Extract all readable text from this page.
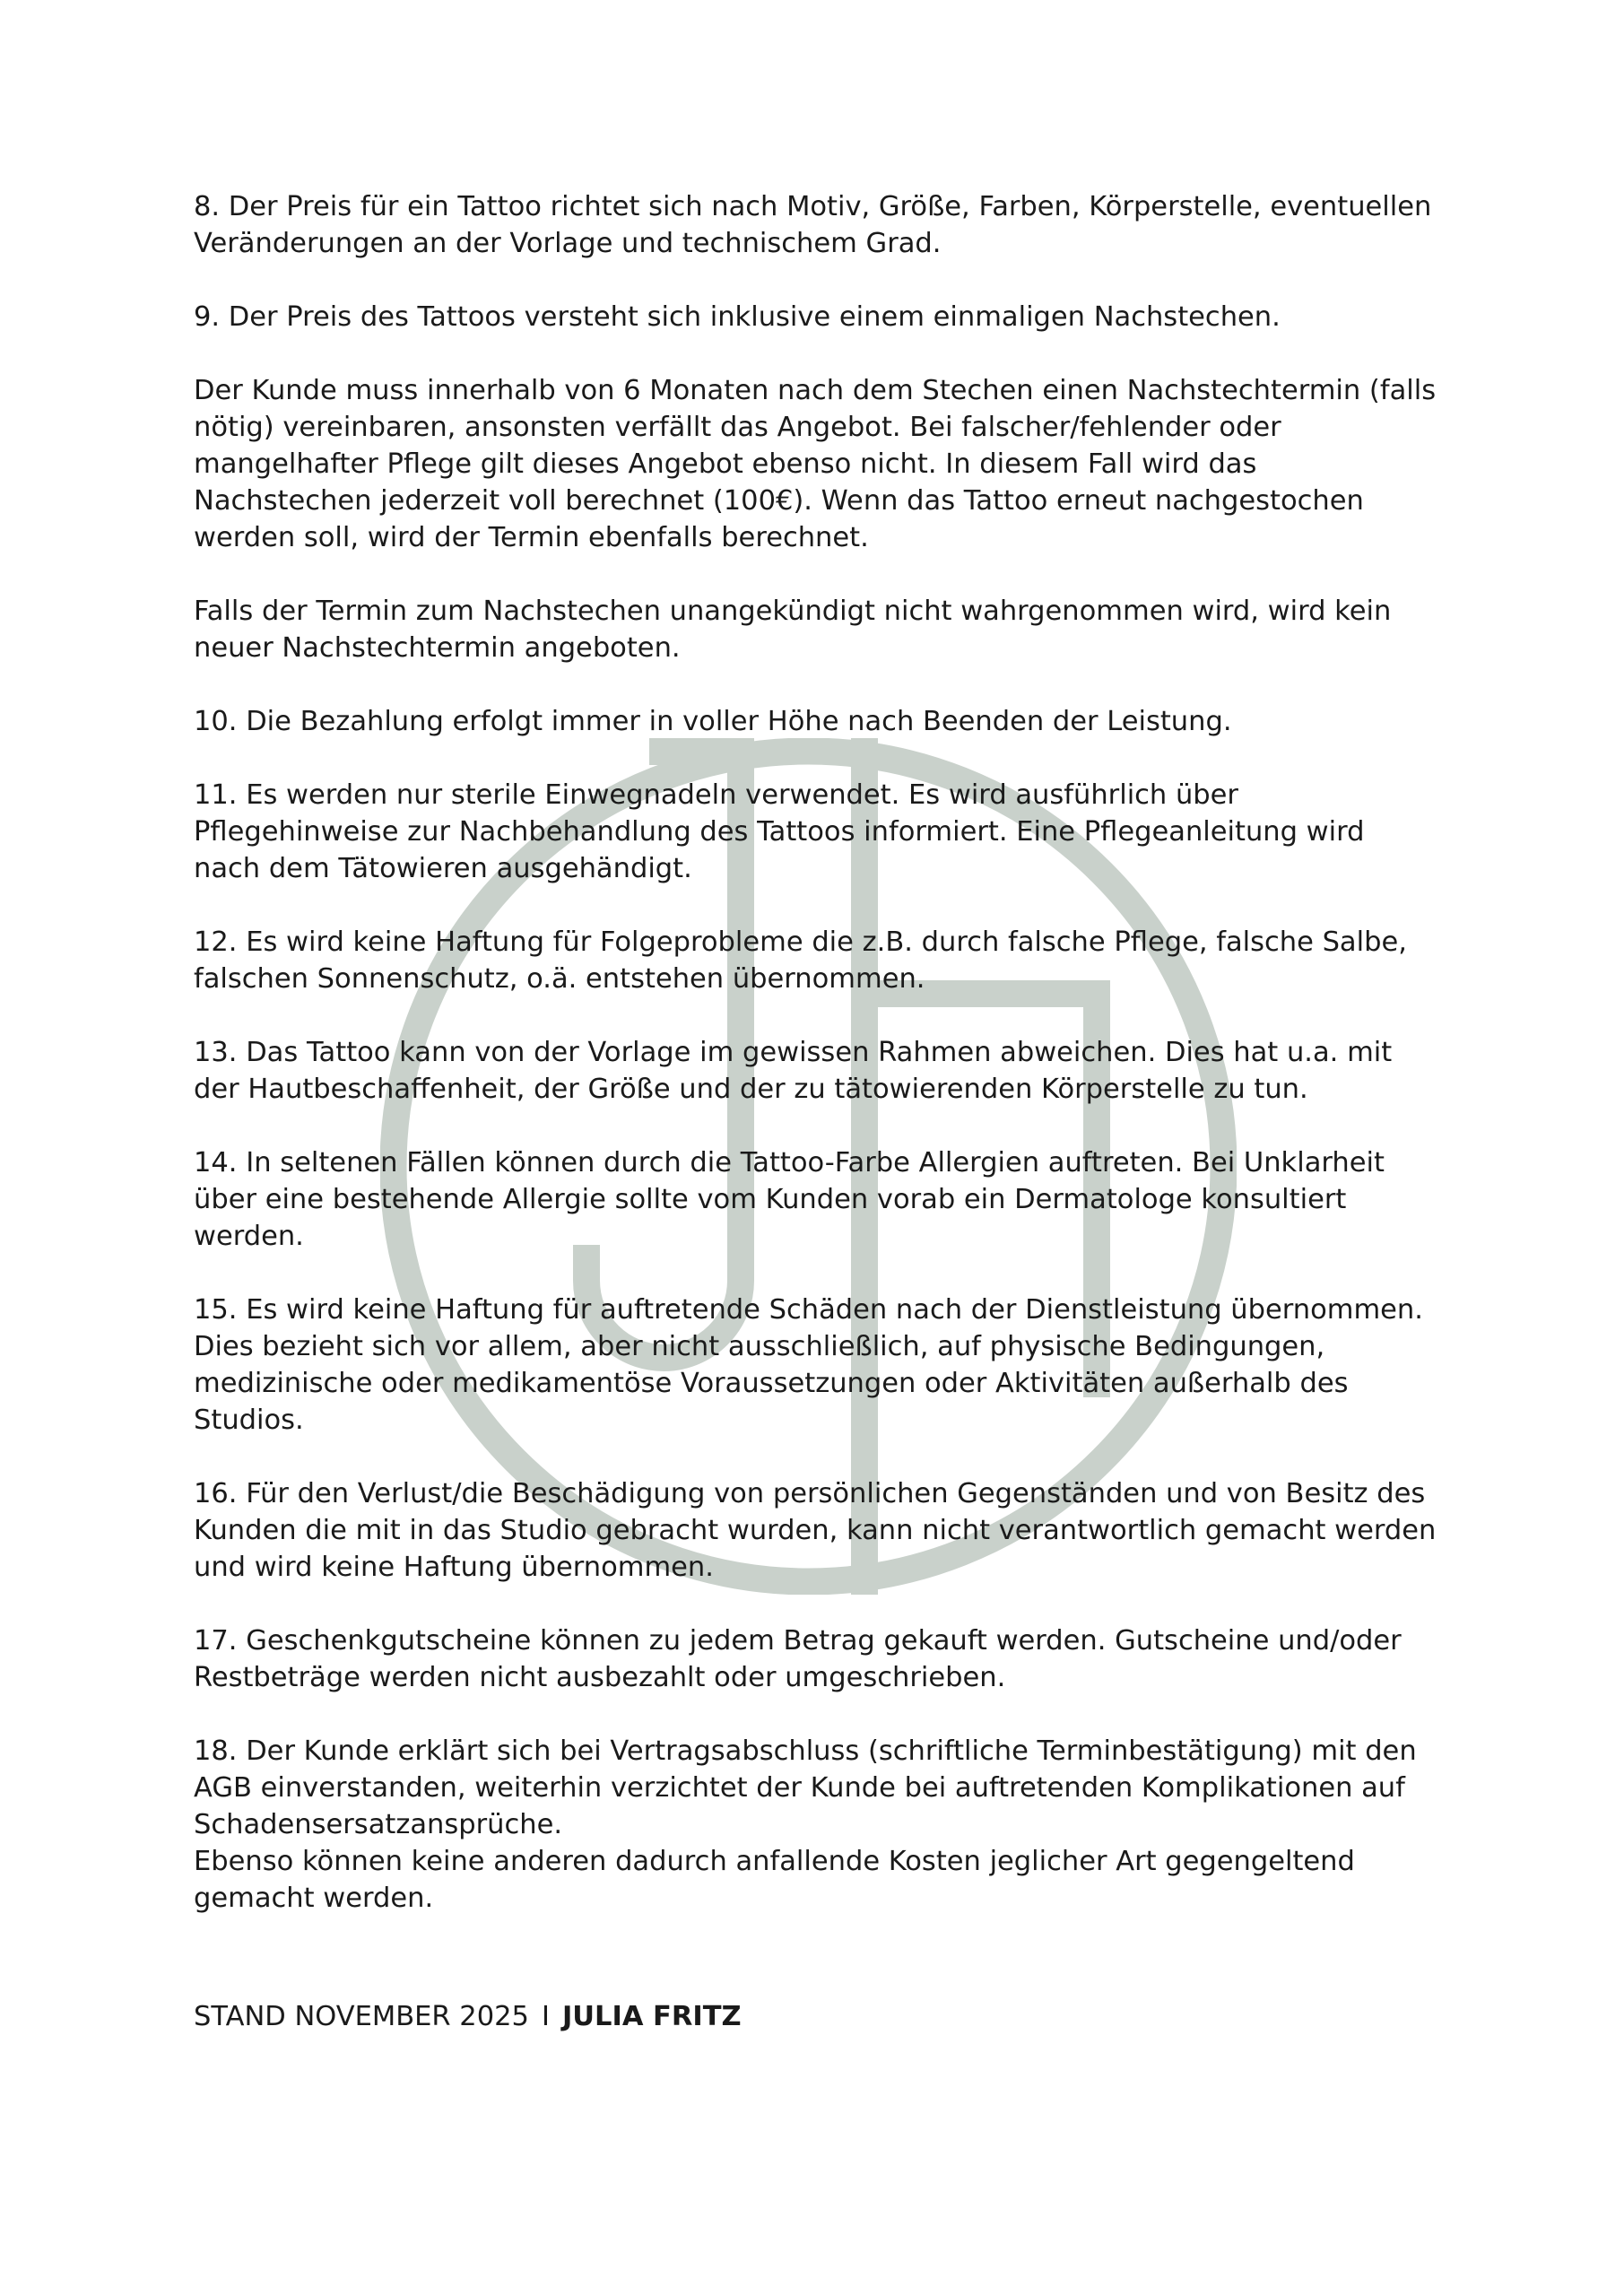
8. Der Preis für ein Tattoo richtet sich nach Motiv, Größe, Farben, Körperstelle, eventuellen
Veränderungen an der Vorlage und technischem Grad.

9. Der Preis des Tattoos versteht sich inklusive einem einmaligen Nachstechen.

Der Kunde muss innerhalb von 6 Monaten nach dem Stechen einen Nachstechtermin (falls
nötig) vereinbaren, ansonsten verfällt das Angebot. Bei falscher/fehlender oder
mangelhafter Pflege gilt dieses Angebot ebenso nicht. In diesem Fall wird das
Nachstechen jederzeit voll berechnet (100€). Wenn das Tattoo erneut nachgestochen
werden soll, wird der Termin ebenfalls berechnet.

Falls der Termin zum Nachstechen unangekündigt nicht wahrgenommen wird, wird kein
neuer Nachstechtermin angeboten.

10. Die Bezahlung erfolgt immer in voller Höhe nach Beenden der Leistung.

11. Es werden nur sterile Einwegnadeln verwendet. Es wird ausführlich über
Pflegehinweise zur Nachbehandlung des Tattoos informiert. Eine Pflegeanleitung wird
nach dem Tätowieren ausgehändigt.

12. Es wird keine Haftung für Folgeprobleme die z.B. durch falsche Pflege, falsche Salbe,
falschen Sonnenschutz, o.ä. entstehen übernommen.

13. Das Tattoo kann von der Vorlage im gewissen Rahmen abweichen. Dies hat u.a. mit
der Hautbeschaffenheit, der Größe und der zu tätowierenden Körperstelle zu tun.

14. In seltenen Fällen können durch die Tattoo-Farbe Allergien auftreten. Bei Unklarheit
über eine bestehende Allergie sollte vom Kunden vorab ein Dermatologe konsultiert
werden.

15. Es wird keine Haftung für auftretende Schäden nach der Dienstleistung übernommen.
Dies bezieht sich vor allem, aber nicht ausschließlich, auf physische Bedingungen,
medizinische oder medikamentöse Voraussetzungen oder Aktivitäten außerhalb des
Studios.

16. Für den Verlust/die Beschädigung von persönlichen Gegenständen und von Besitz des
Kunden die mit in das Studio gebracht wurden, kann nicht verantwortlich gemacht werden
und wird keine Haftung übernommen.

17. Geschenkgutscheine können zu jedem Betrag gekauft werden. Gutscheine und/oder
Restbeträge werden nicht ausbezahlt oder umgeschrieben.

18. Der Kunde erklärt sich bei Vertragsabschluss (schriftliche Terminbestätigung) mit den
AGB einverstanden, weiterhin verzichtet der Kunde bei auftretenden Komplikationen auf
Schadensersatzansprüche.
Ebenso können keine anderen dadurch anfallende Kosten jeglicher Art gegengeltend
gemacht werden.

STAND NOVEMBER 2025 I JULIA FRITZ
